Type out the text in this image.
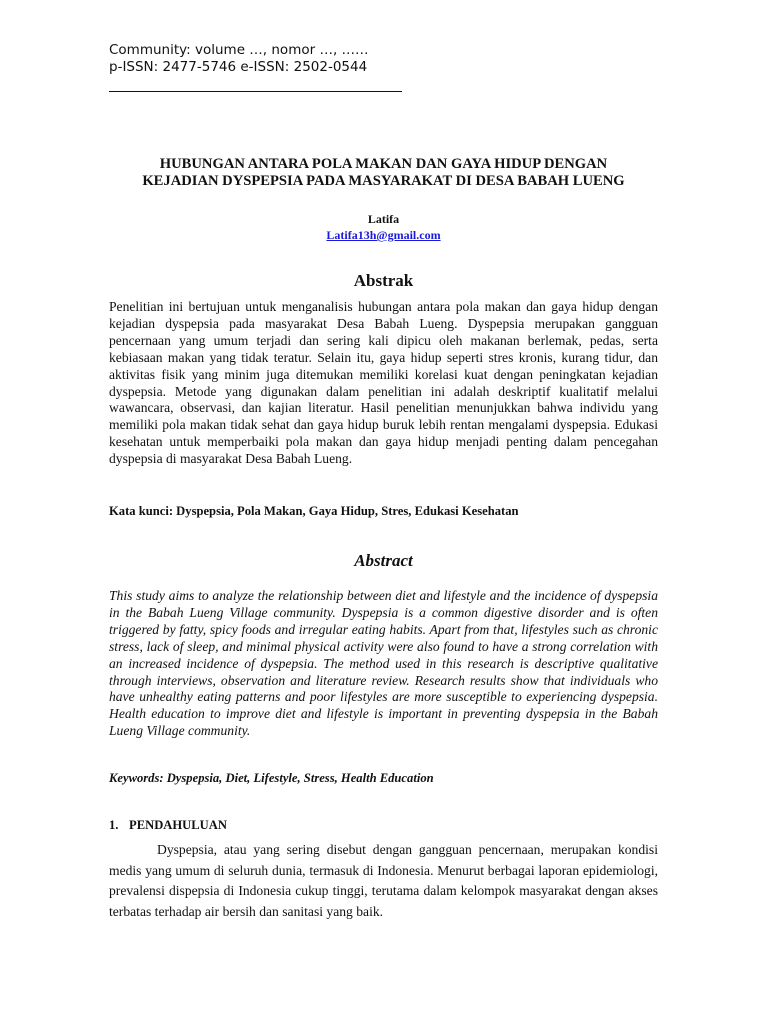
Community: volume …, nomor …, ……
p-ISSN: 2477-5746 e-ISSN: 2502-0544
HUBUNGAN ANTARA POLA MAKAN DAN GAYA HIDUP DENGAN
KEJADIAN DYSPEPSIA PADA MASYARAKAT DI DESA BABAH LUENG
Latifa
Latifa13h@gmail.com
Abstrak
Penelitian ini bertujuan untuk menganalisis hubungan antara pola makan dan gaya hidup dengan kejadian dyspepsia pada masyarakat Desa Babah Lueng. Dyspepsia merupakan gangguan pencernaan yang umum terjadi dan sering kali dipicu oleh makanan berlemak, pedas, serta kebiasaan makan yang tidak teratur. Selain itu, gaya hidup seperti stres kronis, kurang tidur, dan aktivitas fisik yang minim juga ditemukan memiliki korelasi kuat dengan peningkatan kejadian dyspepsia. Metode yang digunakan dalam penelitian ini adalah deskriptif kualitatif melalui wawancara, observasi, dan kajian literatur. Hasil penelitian menunjukkan bahwa individu yang memiliki pola makan tidak sehat dan gaya hidup buruk lebih rentan mengalami dyspepsia. Edukasi kesehatan untuk memperbaiki pola makan dan gaya hidup menjadi penting dalam pencegahan dyspepsia di masyarakat Desa Babah Lueng.
Kata kunci: Dyspepsia, Pola Makan, Gaya Hidup, Stres, Edukasi Kesehatan
Abstract
This study aims to analyze the relationship between diet and lifestyle and the incidence of dyspepsia in the Babah Lueng Village community. Dyspepsia is a common digestive disorder and is often triggered by fatty, spicy foods and irregular eating habits. Apart from that, lifestyles such as chronic stress, lack of sleep, and minimal physical activity were also found to have a strong correlation with an increased incidence of dyspepsia. The method used in this research is descriptive qualitative through interviews, observation and literature review. Research results show that individuals who have unhealthy eating patterns and poor lifestyles are more susceptible to experiencing dyspepsia. Health education to improve diet and lifestyle is important in preventing dyspepsia in the Babah Lueng Village community.
Keywords: Dyspepsia, Diet, Lifestyle, Stress, Health Education
1. PENDAHULUAN
Dyspepsia, atau yang sering disebut dengan gangguan pencernaan, merupakan kondisi medis yang umum di seluruh dunia, termasuk di Indonesia. Menurut berbagai laporan epidemiologi, prevalensi dispepsia di Indonesia cukup tinggi, terutama dalam kelompok masyarakat dengan akses terbatas terhadap air bersih dan sanitasi yang baik.
